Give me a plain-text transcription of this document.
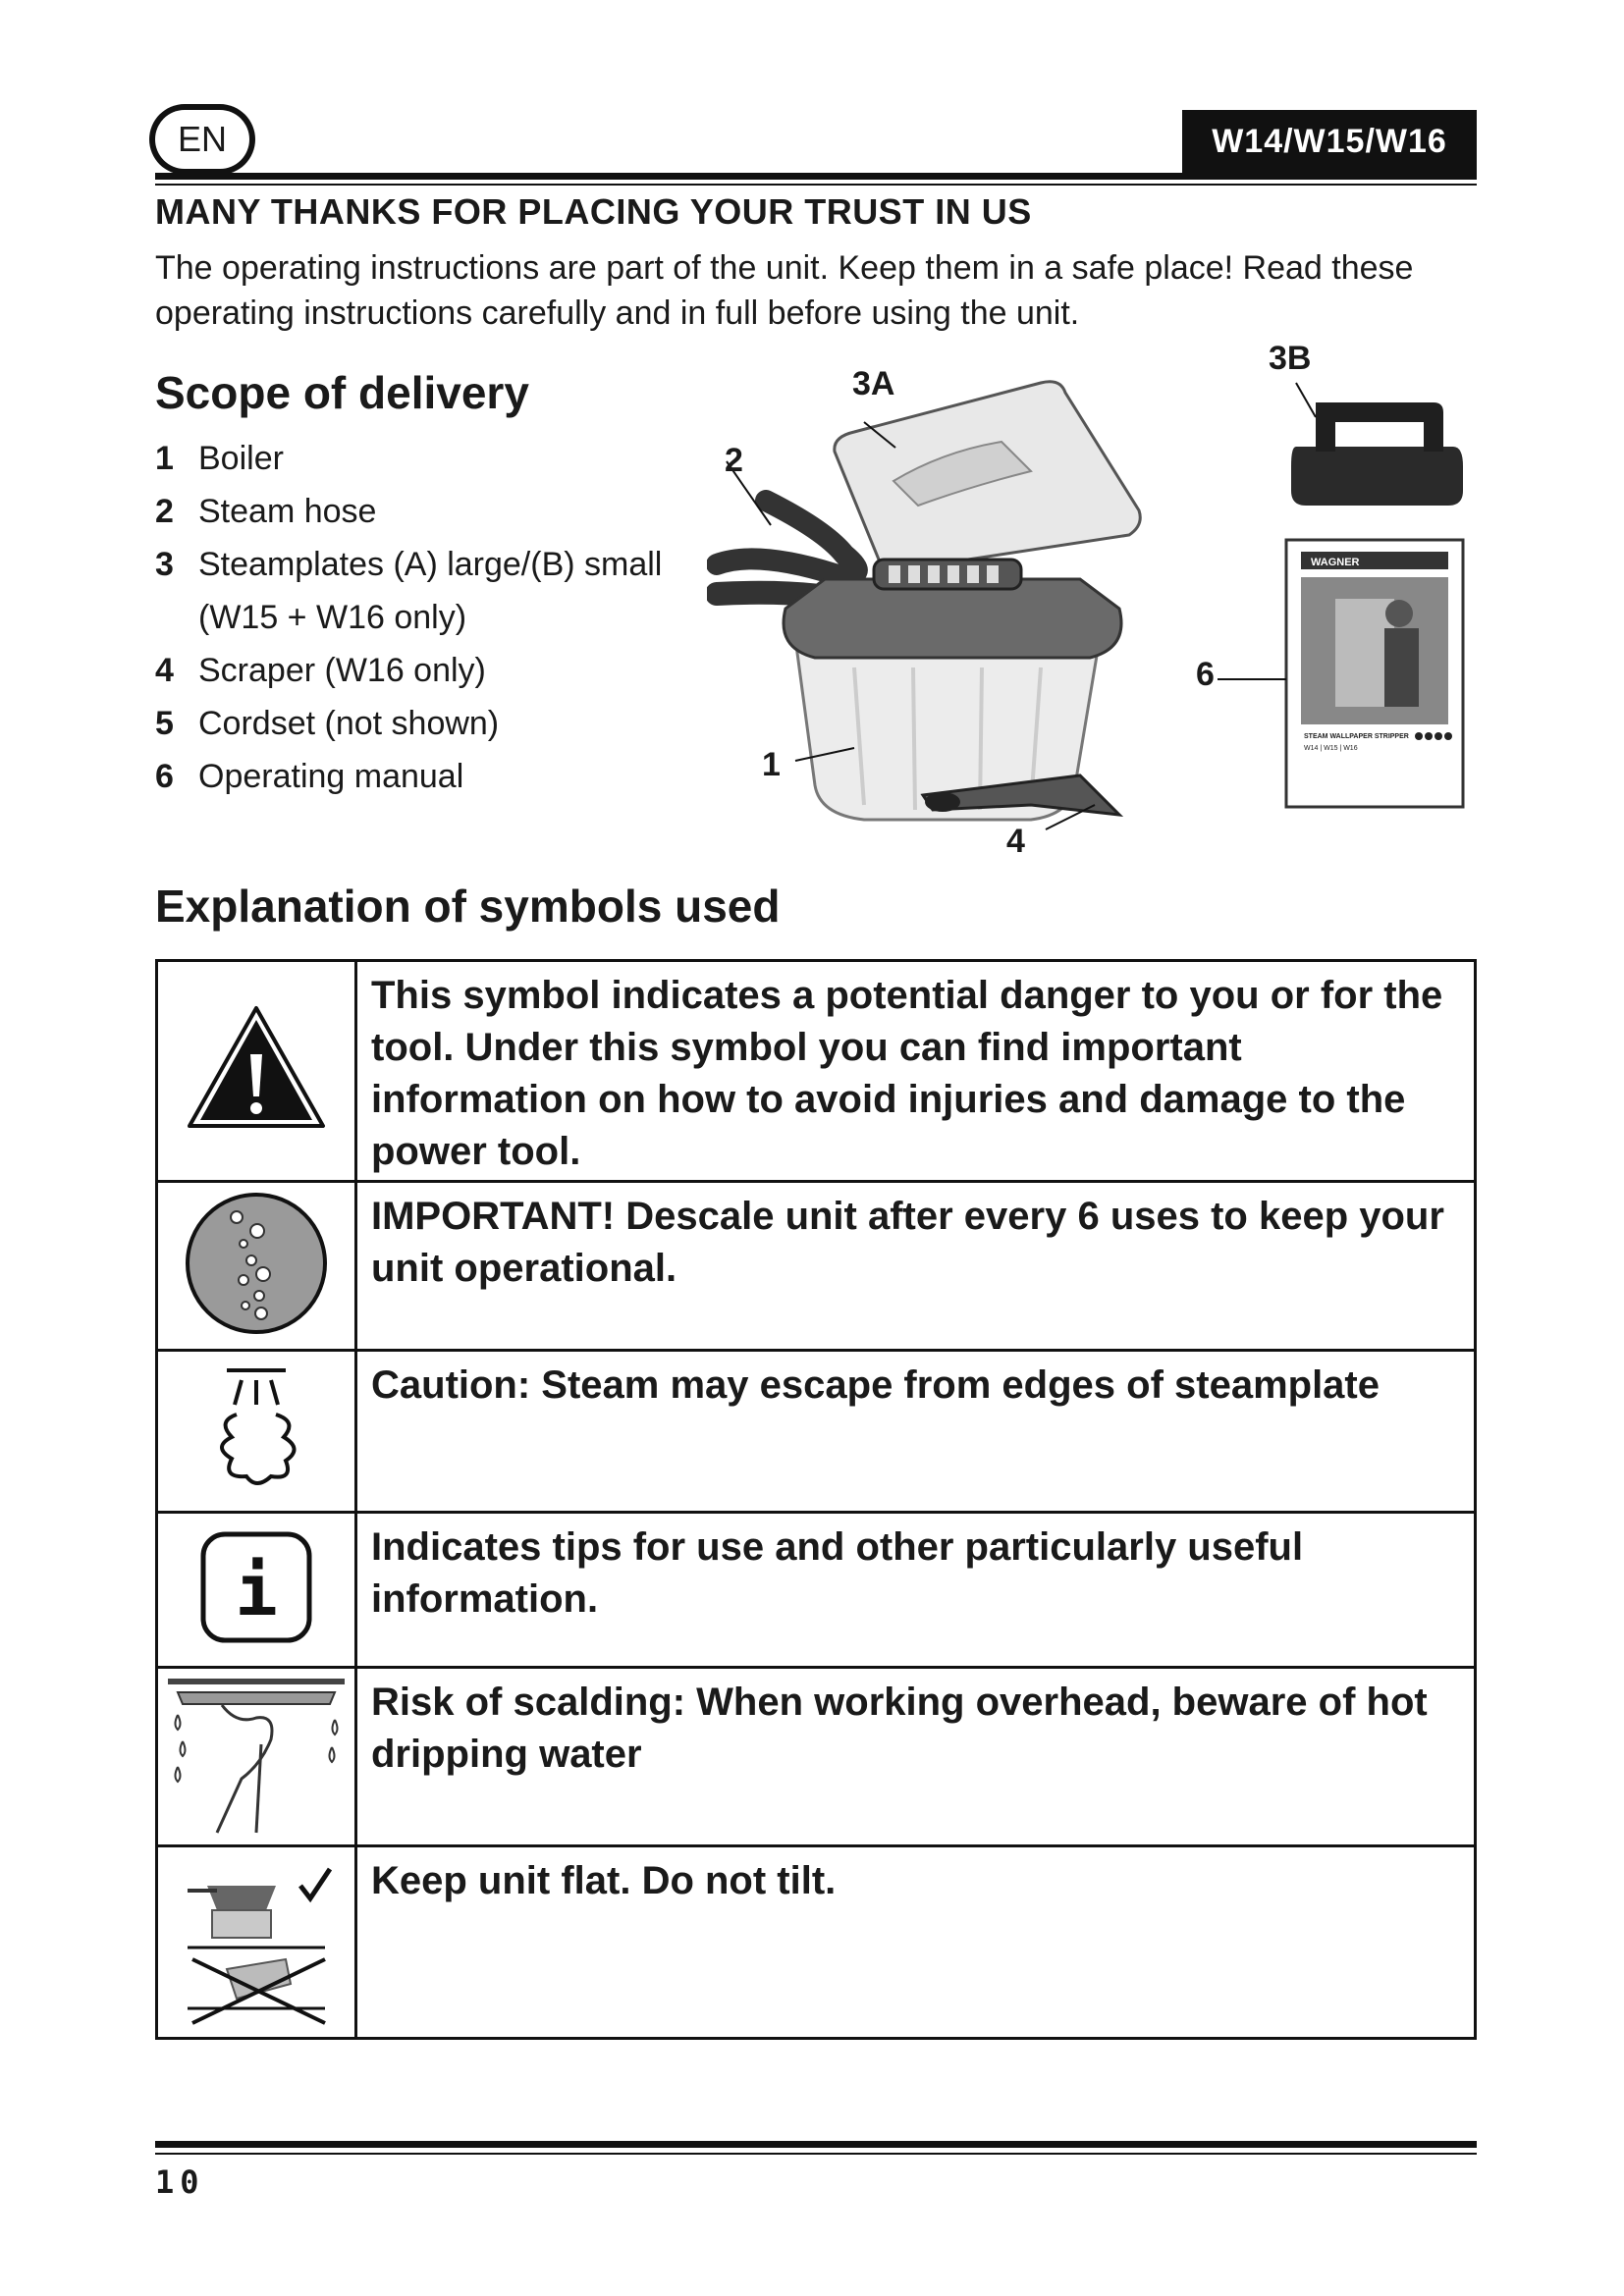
EN	W14/W15/W16
MANY THANKS FOR PLACING YOUR TRUST IN US
The operating instructions are part of the unit. Keep them in a safe place! Read these
operating instructions carefully and in full before using the unit.
Scope of delivery
1 Boiler
2 Steam hose
3 Steamplates (A) large/(B) small
(W15 + W16 only)
4 Scraper (W16 only)
5 Cordset (not shown)
6 Operating manual
WAGNER
STEAM WALLPAPER STRIPPER
W14 | W15 | W16
2
3A
3B
6
1
4
Explanation of symbols used
	This symbol indicates a potential danger to you or for the tool. Under this symbol you can find important information on how to avoid injuries and damage to the power tool.
	IMPORTANT! Descale unit after every 6 uses to keep your unit operational.
	Caution: Steam may escape from edges of steamplate

i	Indicates tips for use and other particularly useful information.
	Risk of scalding: When working overhead, beware of hot dripping water
	Keep unit flat. Do not tilt.
10
